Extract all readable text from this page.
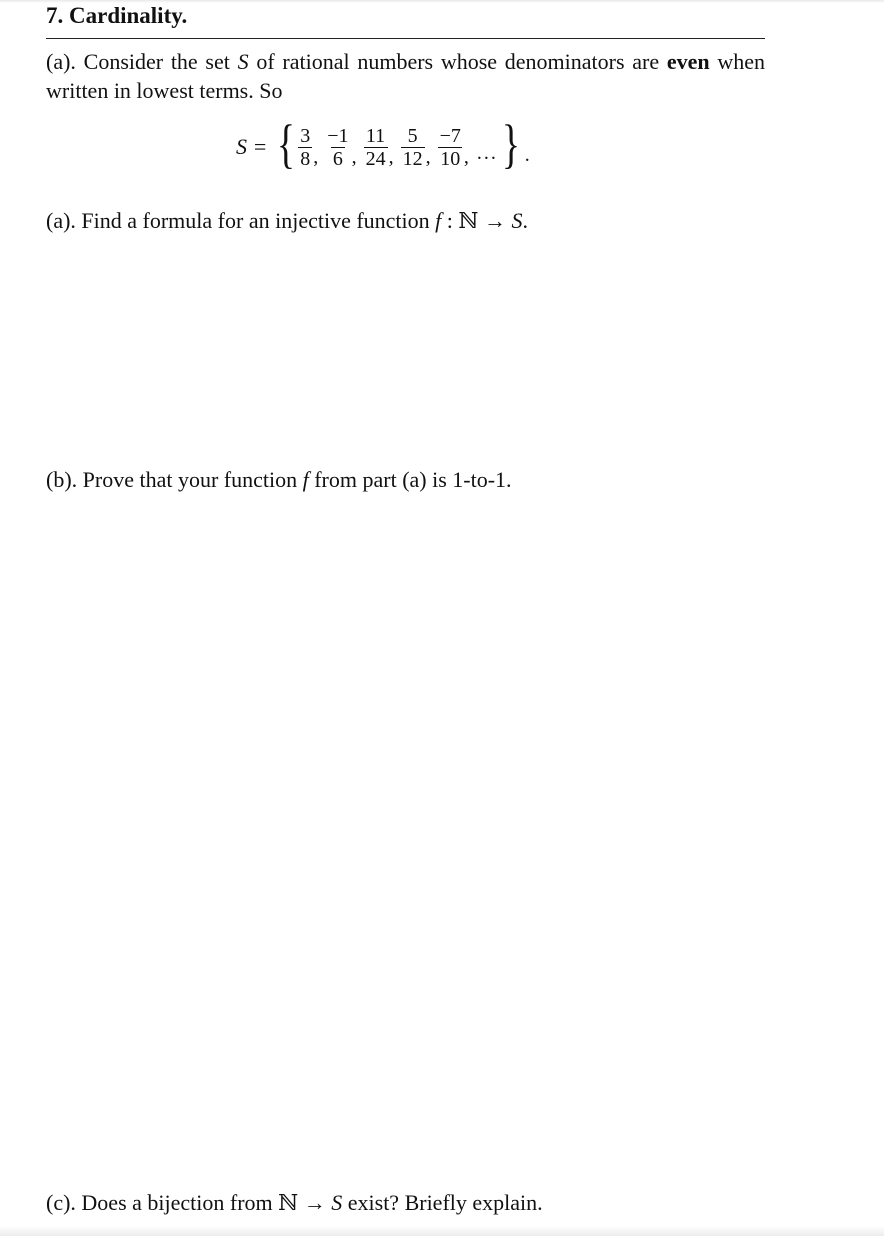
7. Cardinality.
(a). Consider the set S of rational numbers whose denominators are even when written in lowest terms. So
S = { $\frac{3}{8}$ , $\frac{-1}{6}$ , $\frac{11}{24}$ , $\frac{5}{12}$ , $\frac{-7}{10}$ , ... } .
(a). Find a formula for an injective function f : ℕ → S.
(b). Prove that your function f from part (a) is 1-to-1.
(c). Does a bijection from ℕ → S exist? Briefly explain.
